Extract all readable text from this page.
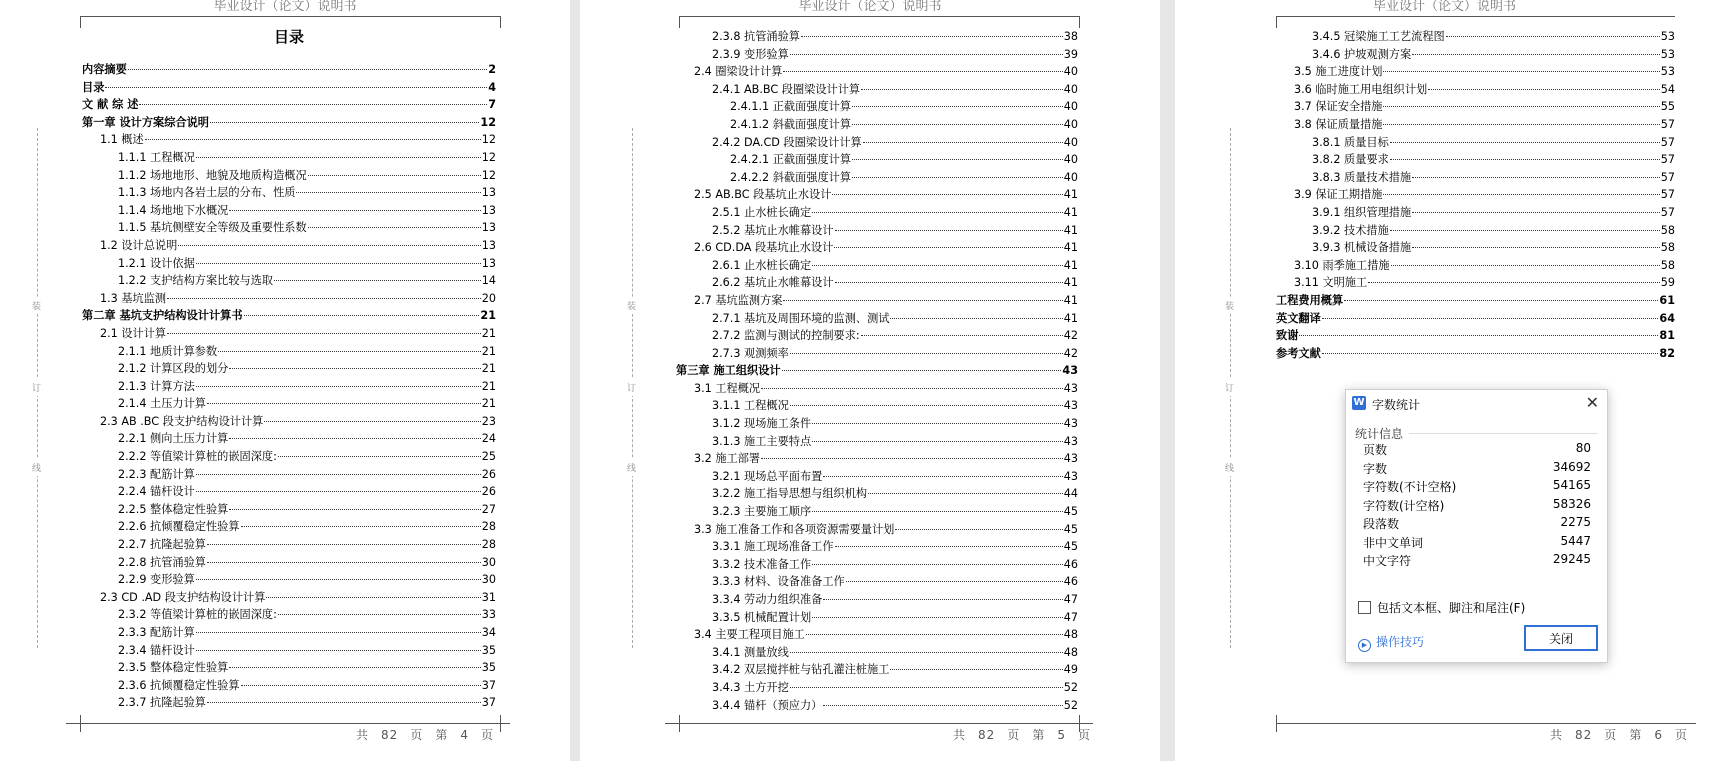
毕业设计（论文）说明书
装
订
线
目录
内容摘要	2
目录	4
文 献 综 述	7
第一章 设计方案综合说明	12
1.1 概述	12
1.1.1 工程概况	12
1.1.2 场地地形、地貌及地质构造概况	12
1.1.3 场地内各岩土层的分布、性质	13
1.1.4 场地地下水概况	13
1.1.5 基坑侧壁安全等级及重要性系数	13
1.2 设计总说明	13
1.2.1 设计依据	13
1.2.2 支护结构方案比较与选取	14
1.3 基坑监测	20
第二章 基坑支护结构设计计算书	21
2.1 设计计算	21
2.1.1 地质计算参数	21
2.1.2 计算区段的划分	21
2.1.3 计算方法	21
2.1.4 土压力计算	21
2.3 AB .BC 段支护结构设计计算	23
2.2.1 侧向土压力计算	24
2.2.2 等值梁计算桩的嵌固深度:	25
2.2.3 配筋计算	26
2.2.4 锚杆设计	26
2.2.5 整体稳定性验算	27
2.2.6 抗倾覆稳定性验算	28
2.2.7 抗隆起验算	28
2.2.8 抗管涌验算	30
2.2.9 变形验算	30
2.3 CD .AD 段支护结构设计计算	31
2.3.2 等值梁计算桩的嵌固深度:	33
2.3.3 配筋计算	34
2.3.4 锚杆设计	35
2.3.5 整体稳定性验算	35
2.3.6 抗倾覆稳定性验算	37
2.3.7 抗隆起验算	37
共 82 页 第 4 页
毕业设计（论文）说明书
装
订
线
2.3.8 抗管涌验算	38
2.3.9 变形验算	39
2.4 圈梁设计计算	40
2.4.1 AB.BC 段圈梁设计计算	40
2.4.1.1 正截面强度计算	40
2.4.1.2 斜截面强度计算	40
2.4.2 DA.CD 段圈梁设计计算	40
2.4.2.1 正截面强度计算	40
2.4.2.2 斜截面强度计算	40
2.5 AB.BC 段基坑止水设计	41
2.5.1 止水桩长确定	41
2.5.2 基坑止水帷幕设计	41
2.6 CD.DA 段基坑止水设计	41
2.6.1 止水桩长确定	41
2.6.2 基坑止水帷幕设计	41
2.7 基坑监测方案	41
2.7.1 基坑及周围环境的监测、测试	41
2.7.2 监测与测试的控制要求:	42
2.7.3 观测频率	42
第三章 施工组织设计	43
3.1 工程概况	43
3.1.1 工程概况	43
3.1.2 现场施工条件	43
3.1.3 施工主要特点	43
3.2 施工部署	43
3.2.1 现场总平面布置	43
3.2.2 施工指导思想与组织机构	44
3.2.3 主要施工顺序	45
3.3 施工准备工作和各项资源需要量计划	45
3.3.1 施工现场准备工作	45
3.3.2 技术准备工作	46
3.3.3 材料、设备准备工作	46
3.3.4 劳动力组织准备	47
3.3.5 机械配置计划	47
3.4 主要工程项目施工	48
3.4.1 测量放线	48
3.4.2 双层搅拌桩与钻孔灌注桩施工	49
3.4.3 土方开挖	52
3.4.4 锚杆（预应力）	52
共 82 页 第 5 页
毕业设计（论文）说明书
装
订
线
3.4.5 冠梁施工工艺流程图	53
3.4.6 护坡观测方案	53
3.5 施工进度计划	53
3.6 临时施工用电组织计划	54
3.7 保证安全措施	55
3.8 保证质量措施	57
3.8.1 质量目标	57
3.8.2 质量要求	57
3.8.3 质量技术措施	57
3.9 保证工期措施	57
3.9.1 组织管理措施	57
3.9.2 技术措施	58
3.9.3 机械设备措施	58
3.10 雨季施工措施	58
3.11 文明施工	59
工程费用概算	61
英文翻译	64
致谢	81
参考文献	82
共 82 页 第 6 页
W 字数统计	✕
统计信息
页数	80
字数	34692
字符数(不计空格)	54165
字符数(计空格)	58326
段落数	2275
非中文单词	5447
中文字符	29245
包括文本框、脚注和尾注(F)
▶ 操作技巧	关闭
